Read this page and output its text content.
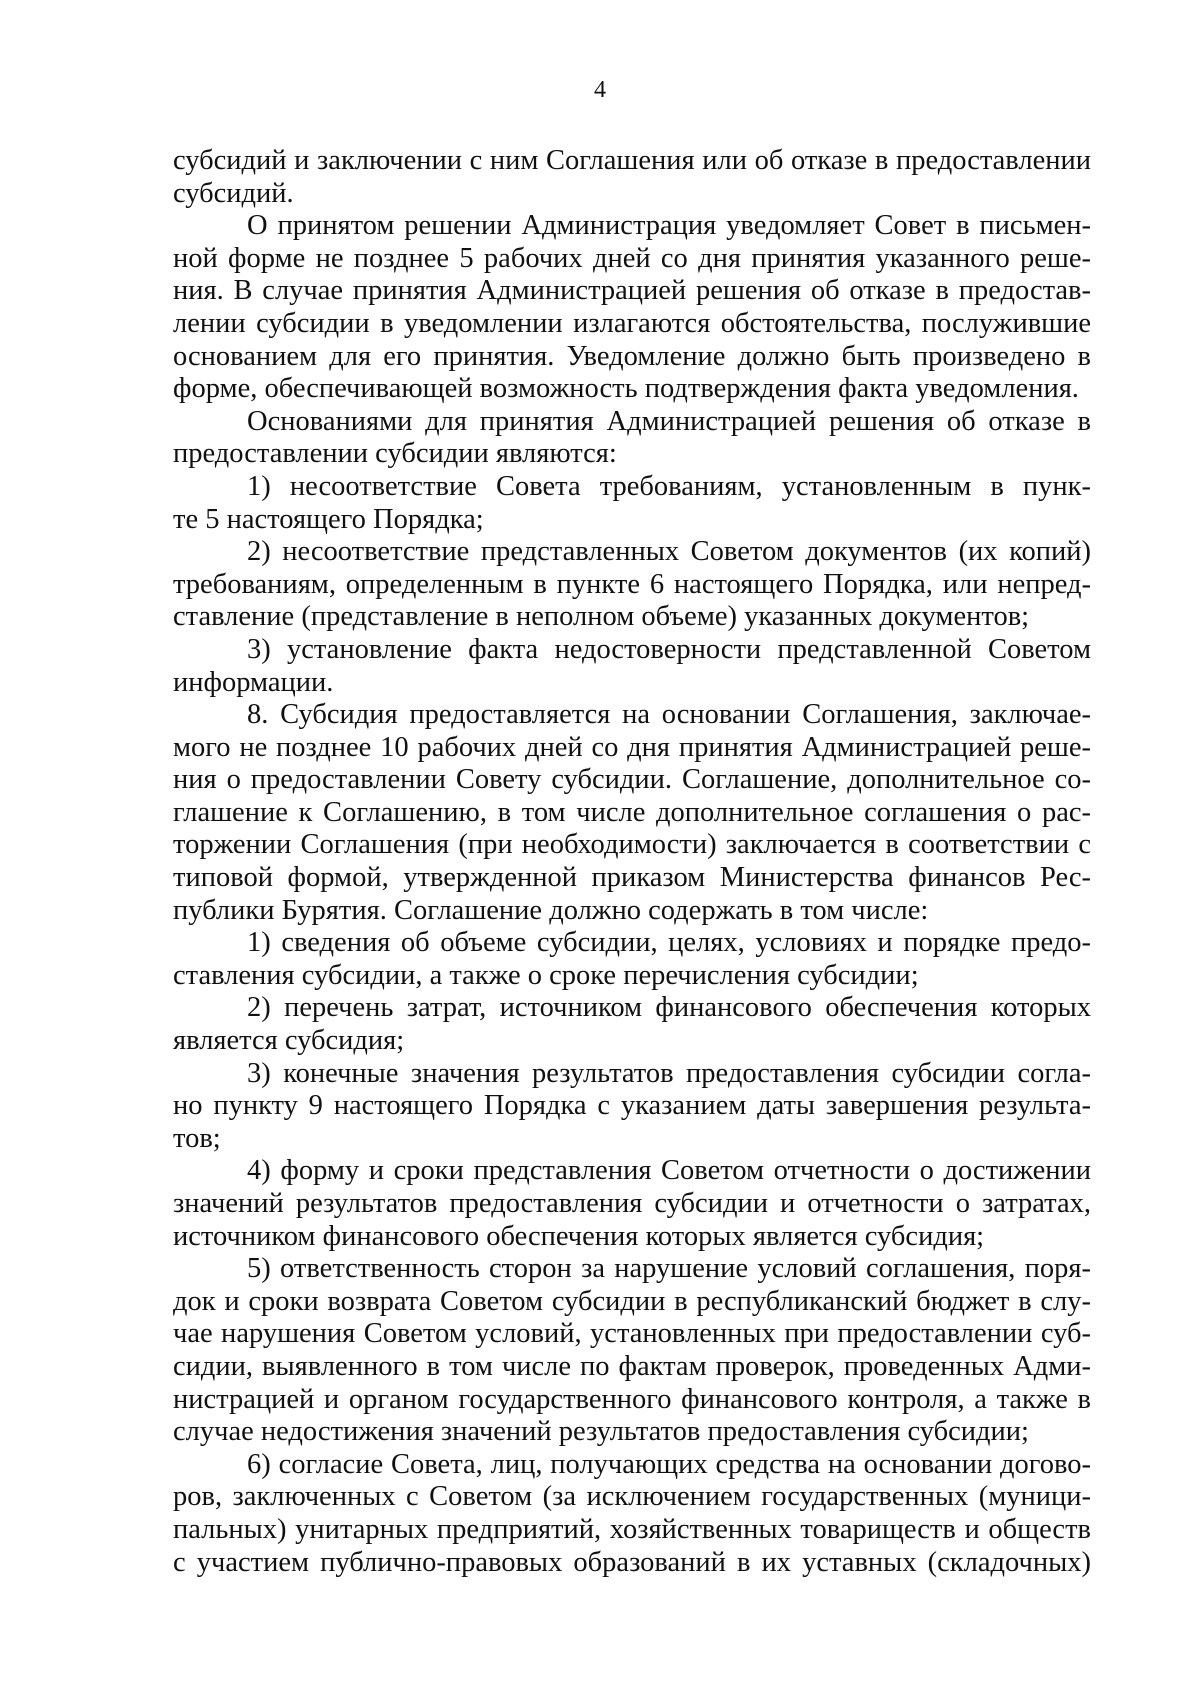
4
субсидий и заключении с ним Соглашения или об отказе в предоставлении
субсидий.
О принятом решении Администрация уведомляет Совет в письмен-
ной форме не позднее 5 рабочих дней со дня принятия указанного реше-
ния. В случае принятия Администрацией решения об отказе в предостав-
лении субсидии в уведомлении излагаются обстоятельства, послужившие
основанием для его принятия. Уведомление должно быть произведено в
форме, обеспечивающей возможность подтверждения факта уведомления.
Основаниями для принятия Администрацией решения об отказе в
предоставлении субсидии являются:
1) несоответствие Совета требованиям, установленным в пунк-
те 5 настоящего Порядка;
2) несоответствие представленных Советом документов (их копий)
требованиям, определенным в пункте 6 настоящего Порядка, или непред-
ставление (представление в неполном объеме) указанных документов;
3) установление факта недостоверности представленной Советом
информации.
8. Субсидия предоставляется на основании Соглашения, заключае-
мого не позднее 10 рабочих дней со дня принятия Администрацией реше-
ния о предоставлении Совету субсидии. Соглашение, дополнительное со-
глашение к Соглашению, в том числе дополнительное соглашения о рас-
торжении Соглашения (при необходимости) заключается в соответствии с
типовой формой, утвержденной приказом Министерства финансов Рес-
публики Бурятия. Соглашение должно содержать в том числе:
1) сведения об объеме субсидии, целях, условиях и порядке предо-
ставления субсидии, а также о сроке перечисления субсидии;
2) перечень затрат, источником финансового обеспечения которых
является субсидия;
3) конечные значения результатов предоставления субсидии согла-
но пункту 9 настоящего Порядка с указанием даты завершения результа-
тов;
4) форму и сроки представления Советом отчетности о достижении
значений результатов предоставления субсидии и отчетности о затратах,
источником финансового обеспечения которых является субсидия;
5) ответственность сторон за нарушение условий соглашения, поря-
док и сроки возврата Советом субсидии в республиканский бюджет в слу-
чае нарушения Советом условий, установленных при предоставлении суб-
сидии, выявленного в том числе по фактам проверок, проведенных Адми-
нистрацией и органом государственного финансового контроля, а также в
случае недостижения значений результатов предоставления субсидии;
6) согласие Совета, лиц, получающих средства на основании догово-
ров, заключенных с Советом (за исключением государственных (муници-
пальных) унитарных предприятий, хозяйственных товариществ и обществ
с участием публично-правовых образований в их уставных (складочных)
